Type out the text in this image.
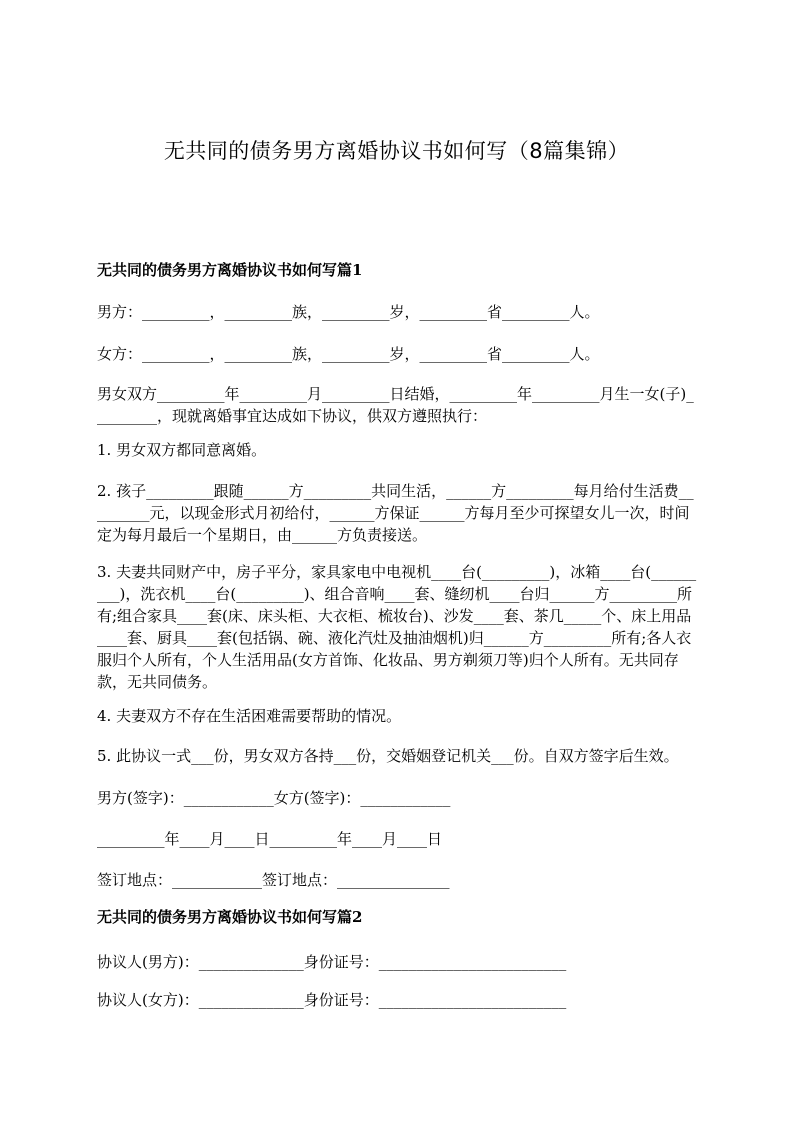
无共同的债务男方离婚协议书如何写（8篇集锦）
无共同的债务男方离婚协议书如何写篇1
男方：_________，_________族，_________岁，_________省_________人。
女方：_________，_________族，_________岁，_________省_________人。
男女双方_________年_________月_________日结婚，_________年_________月生一女(子)_________，现就离婚事宜达成如下协议，供双方遵照执行：
1. 男女双方都同意离婚。
2. 孩子_________跟随______方_________共同生活，______方_________每月给付生活费_________元，以现金形式月初给付，______方保证______方每月至少可探望女儿一次，时间定为每月最后一个星期日，由______方负责接送。
3. 夫妻共同财产中，房子平分，家具家电中电视机____台(_________)，冰箱____台(_________)，洗衣机____台(_________)、组合音响____套、缝纫机____台归______方_________所有;组合家具____套(床、床头柜、大衣柜、梳妆台)、沙发____套、茶几_____个、床上用品____套、厨具____套(包括锅、碗、液化汽灶及抽油烟机)归______方_________所有;各人衣服归个人所有，个人生活用品(女方首饰、化妆品、男方剃须刀等)归个人所有。无共同存款，无共同债务。
4. 夫妻双方不存在生活困难需要帮助的情况。
5. 此协议一式___份，男女双方各持___份，交婚姻登记机关___份。自双方签字后生效。
男方(签字)：____________女方(签字)：____________
_________年____月____日_________年____月____日
签订地点：____________签订地点：_______________
无共同的债务男方离婚协议书如何写篇2
协议人(男方)：______________身份证号：_________________________
协议人(女方)：______________身份证号：_________________________
